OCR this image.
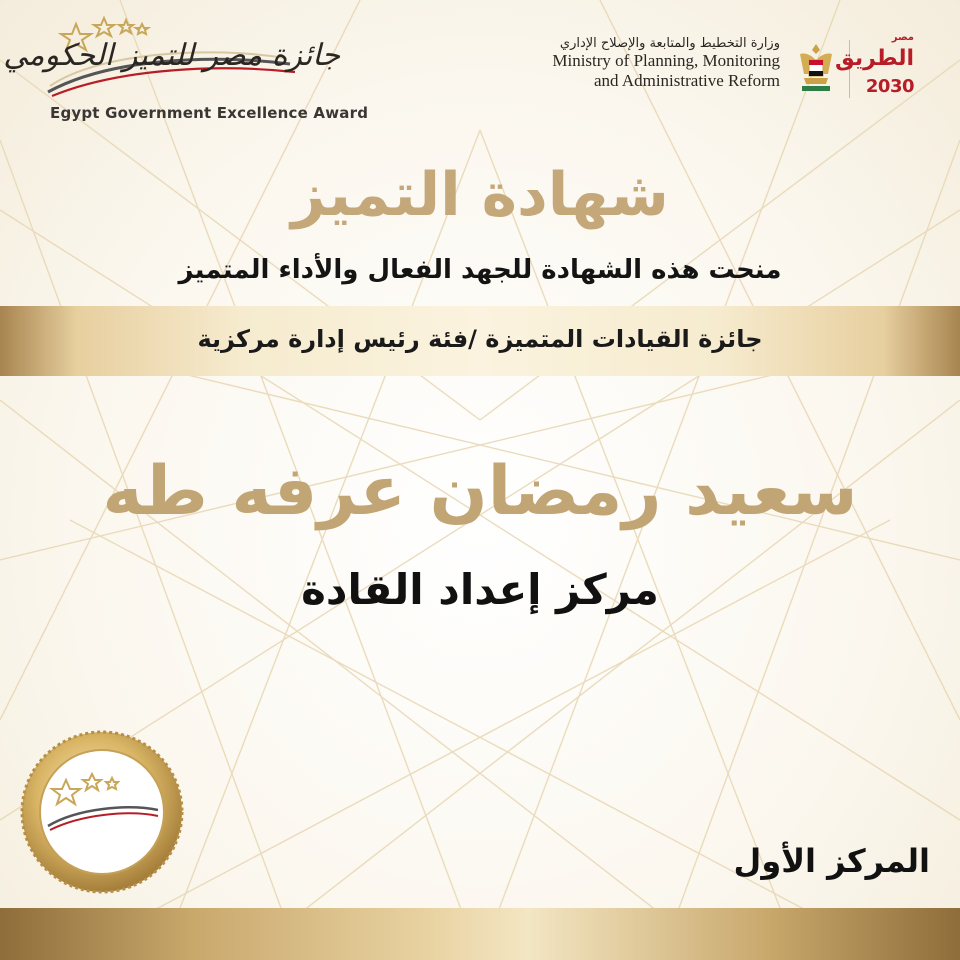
جائزة مصر للتميز الحكومي
Egypt Government Excellence Award
وزارة التخطيط والمتابعة والإصلاح الإداري
Ministry of Planning, Monitoring
and Administrative Reform
مصر
الطريق
2030
شهادة التميز
منحت هذه الشهادة للجهد الفعال والأداء المتميز
جائزة القيادات المتميزة /فئة رئيس إدارة مركزية
سعيد رمضان عرفه طه
مركز إعداد القادة
المركز الأول
